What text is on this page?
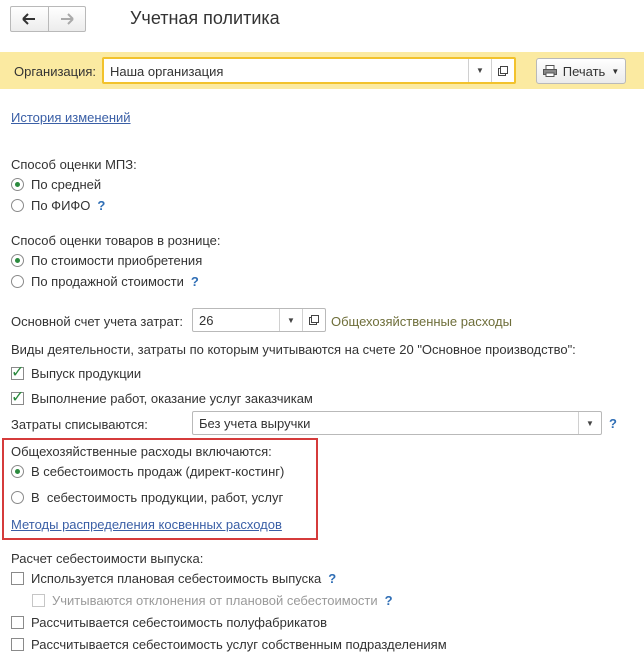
Учетная политика
Организация:	▼
Наша организация	Печать ▼
История изменений
Способ оценки МПЗ:
По средней
По ФИФО ?
Способ оценки товаров в рознице:
По стоимости приобретения
По продажной стоимости ?
Основной счет учета затрат: 26	▼	Общехозяйственные расходы
Виды деятельности, затраты по которым учитываются на счете 20 "Основное производство":
✓
Выпуск продукции
✓
Выполнение работ, оказание услуг заказчикам
Затраты списываются:	Без учета выручки	▼	?
Общехозяйственные расходы включаются:
В себестоимость продаж (директ-костинг)
В  себестоимость продукции, работ, услуг
Методы распределения косвенных расходов
Расчет себестоимости выпуска:
Используется плановая себестоимость выпуска ?
Учитываются отклонения от плановой себестоимости ?
Рассчитывается себестоимость полуфабрикатов
Рассчитывается себестоимость услуг собственным подразделениям
